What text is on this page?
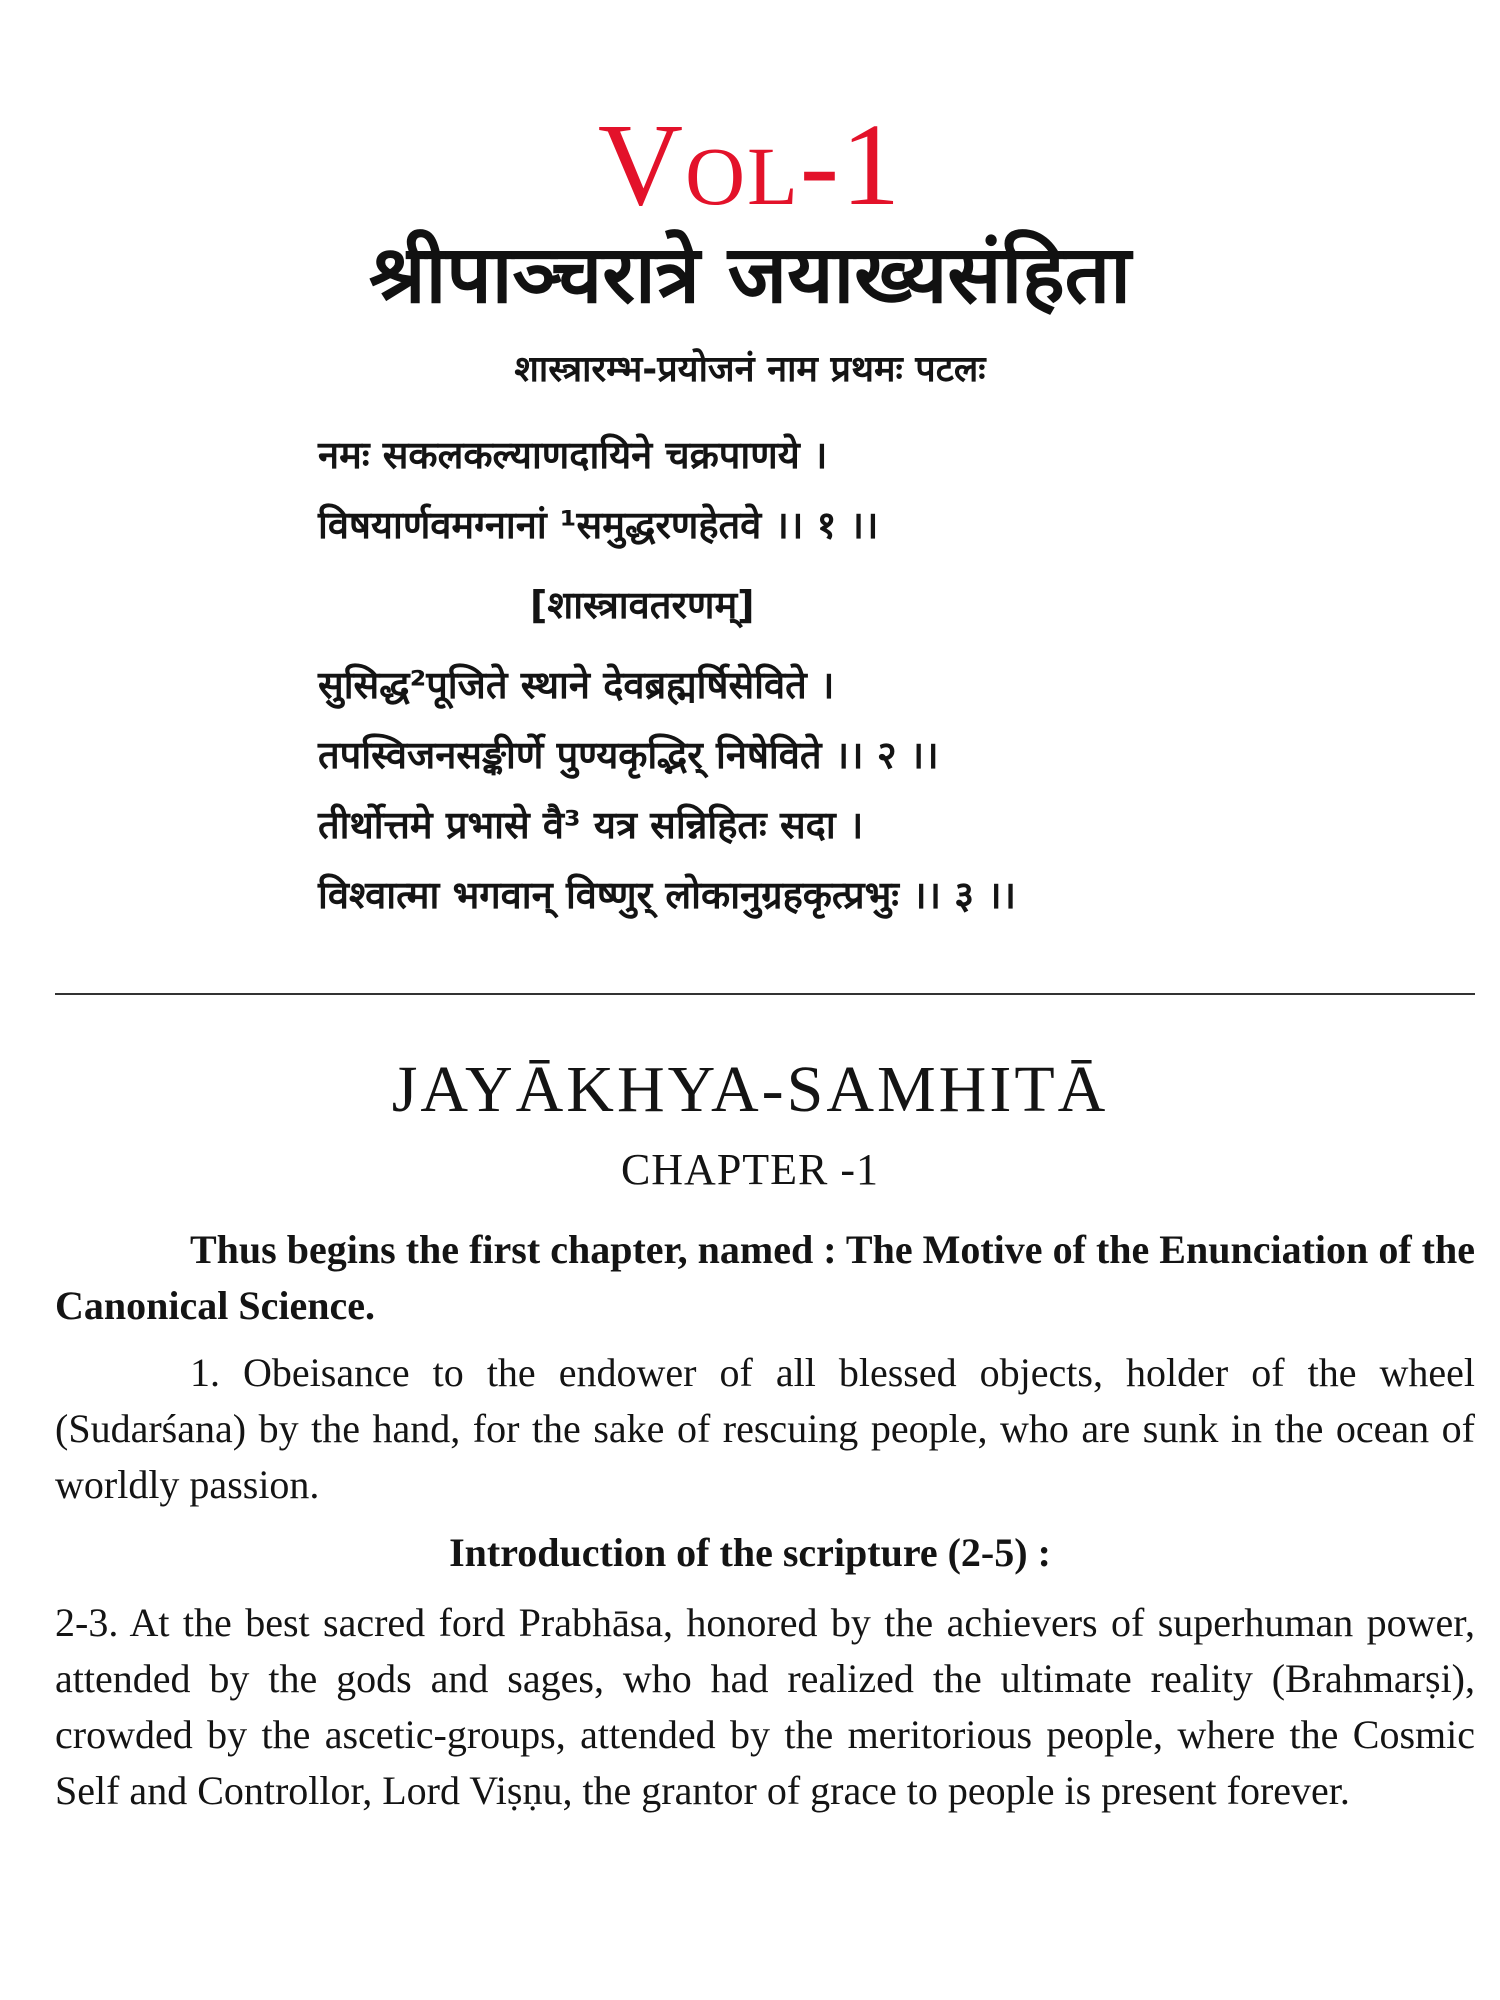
Vol-1
श्रीपाञ्चरात्रे जयाख्यसंहिता
शास्त्रारम्भ-प्रयोजनं नाम प्रथमः पटलः
नमः सकलकल्याणदायिने चक्रपाणये ।
विषयार्णवमग्नानां ¹समुद्धरणहेतवे ।। १ ।।
[शास्त्रावतरणम्]
सुसिद्ध²पूजिते स्थाने देवब्रह्मर्षिसेविते ।
तपस्विजनसङ्कीर्णे पुण्यकृद्भिर् निषेविते ।। २ ।।
तीर्थोत्तमे प्रभासे वै³ यत्र सन्निहितः सदा ।
विश्वात्मा भगवान् विष्णुर् लोकानुग्रहकृत्प्रभुः ।। ३ ।।
JAYĀKHYA-SAMHITĀ
CHAPTER -1
Thus begins the first chapter, named : The Motive of the Enunciation of the Canonical Science.
1. Obeisance to the endower of all blessed objects, holder of the wheel (Sudarśana) by the hand, for the sake of rescuing people, who are sunk in the ocean of worldly passion.
Introduction of the scripture (2-5) :
2-3. At the best sacred ford Prabhāsa, honored by the achievers of superhuman power, attended by the gods and sages, who had realized the ultimate reality (Brahmarṣi), crowded by the ascetic-groups, attended by the meritorious people, where the Cosmic Self and Controllor, Lord Viṣṇu, the grantor of grace to people is present forever.
